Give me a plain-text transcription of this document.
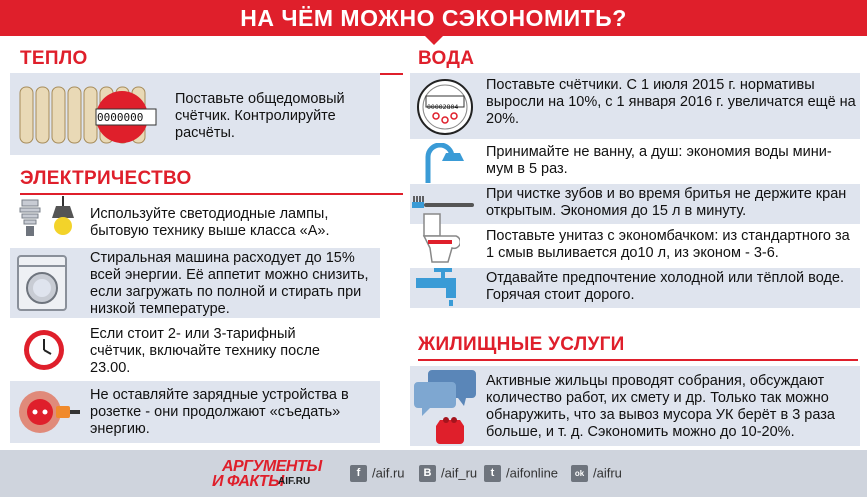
НА ЧЁМ МОЖНО СЭКОНОМИТЬ?
ТЕПЛО
0000000
Поставьте общедомовый счётчик. Контролируйте расчёты.
ЭЛЕКТРИЧЕСТВО
Используйте светодиодные лампы, бытовую технику выше класса «А».
Стиральная машина расходует до 15% всей энергии. Её аппетит можно снизить, если загружать по полной и стирать при низкой температуре.
Если стоит 2- или 3-тарифный счётчик, включайте технику после 23.00.
Не оставляйте зарядные устройства в розетке - они продолжают «съедать» энергию.
ВОДА
00002804
Поставьте счётчики. С 1 июля 2015 г. нормативы выросли на 10%, с 1 января 2016 г. увеличатся ещё на 20%.
Принимайте не ванну, а душ: экономия воды мини-мум в 5 раз.
При чистке зубов и во время бритья не держите кран открытым. Экономия до 15 л в минуту.
Поставьте унитаз с экономбачком: из стандартного за 1 смыв выливается до10 л, из эконом - 3-6.
Отдавайте предпочтение холодной или тёплой воде. Горячая стоит дорого.
ЖИЛИЩНЫЕ УСЛУГИ
Активные жильцы проводят собрания, обсуждают количество работ, их смету и др. Только так можно обнаружить, что за вывоз мусора УК берёт в 3 раза больше, и т. д. Сэкономить можно до 10-20%.
АРГУМЕНТЫ
И ФАКТЫ
AIF.RU
f /aif.ru	B /aif_ru	t /aifonline	ok /aifru
